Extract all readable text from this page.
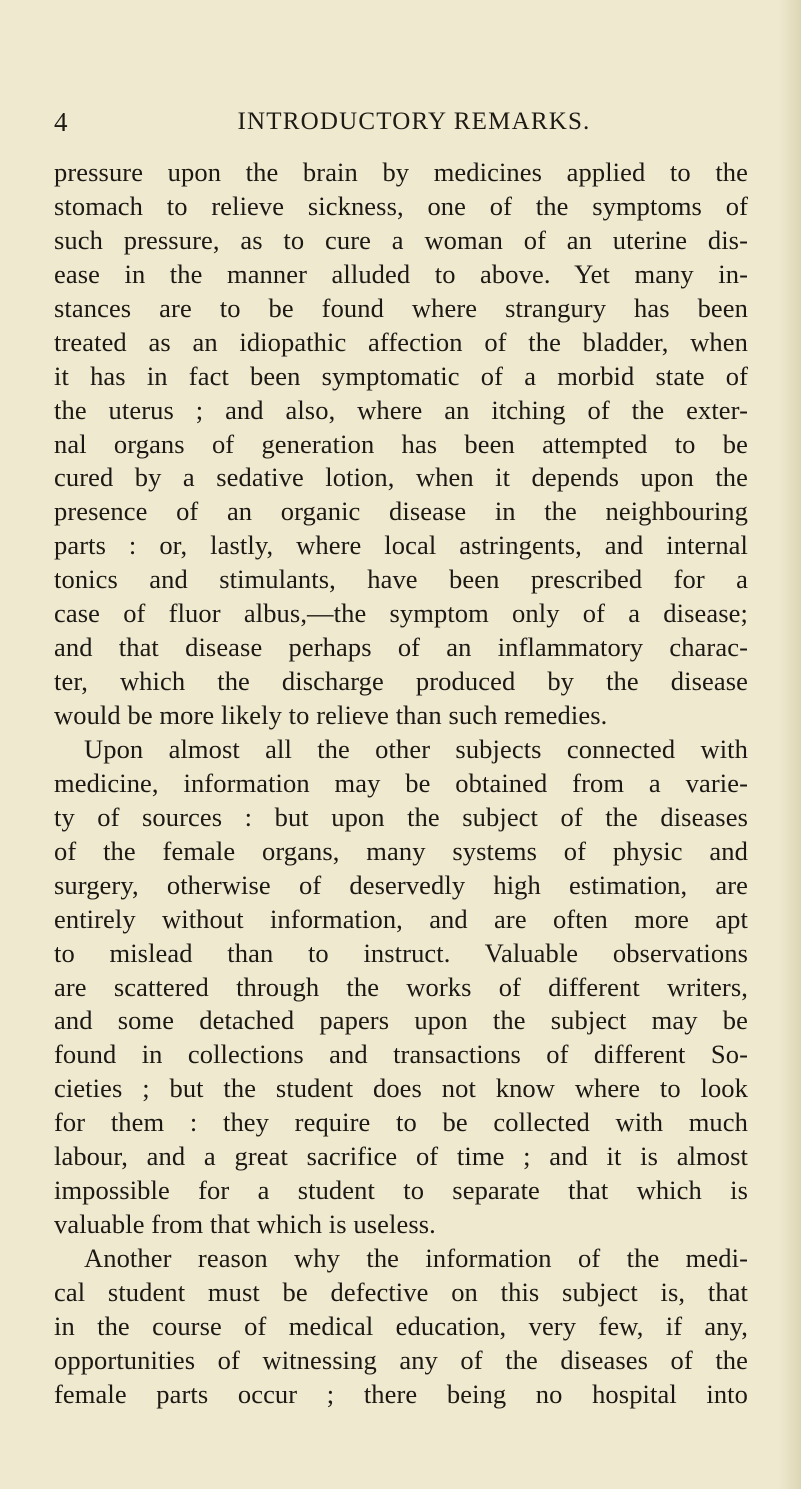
4	INTRODUCTORY REMARKS.
pressure upon the brain by medicines applied to the
stomach to relieve sickness, one of the symptoms of
such pressure, as to cure a woman of an uterine dis-
ease in the manner alluded to above. Yet many in-
stances are to be found where strangury has been
treated as an idiopathic affection of the bladder, when
it has in fact been symptomatic of a morbid state of
the uterus ; and also, where an itching of the exter-
nal organs of generation has been attempted to be
cured by a sedative lotion, when it depends upon the
presence of an organic disease in the neighbouring
parts : or, lastly, where local astringents, and internal
tonics and stimulants, have been prescribed for a
case of fluor albus,—the symptom only of a disease;
and that disease perhaps of an inflammatory charac-
ter, which the discharge produced by the disease
would be more likely to relieve than such remedies.
Upon almost all the other subjects connected with
medicine, information may be obtained from a varie-
ty of sources : but upon the subject of the diseases
of the female organs, many systems of physic and
surgery, otherwise of deservedly high estimation, are
entirely without information, and are often more apt
to mislead than to instruct. Valuable observations
are scattered through the works of different writers,
and some detached papers upon the subject may be
found in collections and transactions of different So-
cieties ; but the student does not know where to look
for them : they require to be collected with much
labour, and a great sacrifice of time ; and it is almost
impossible for a student to separate that which is
valuable from that which is useless.
Another reason why the information of the medi-
cal student must be defective on this subject is, that
in the course of medical education, very few, if any,
opportunities of witnessing any of the diseases of the
female parts occur ; there being no hospital into
